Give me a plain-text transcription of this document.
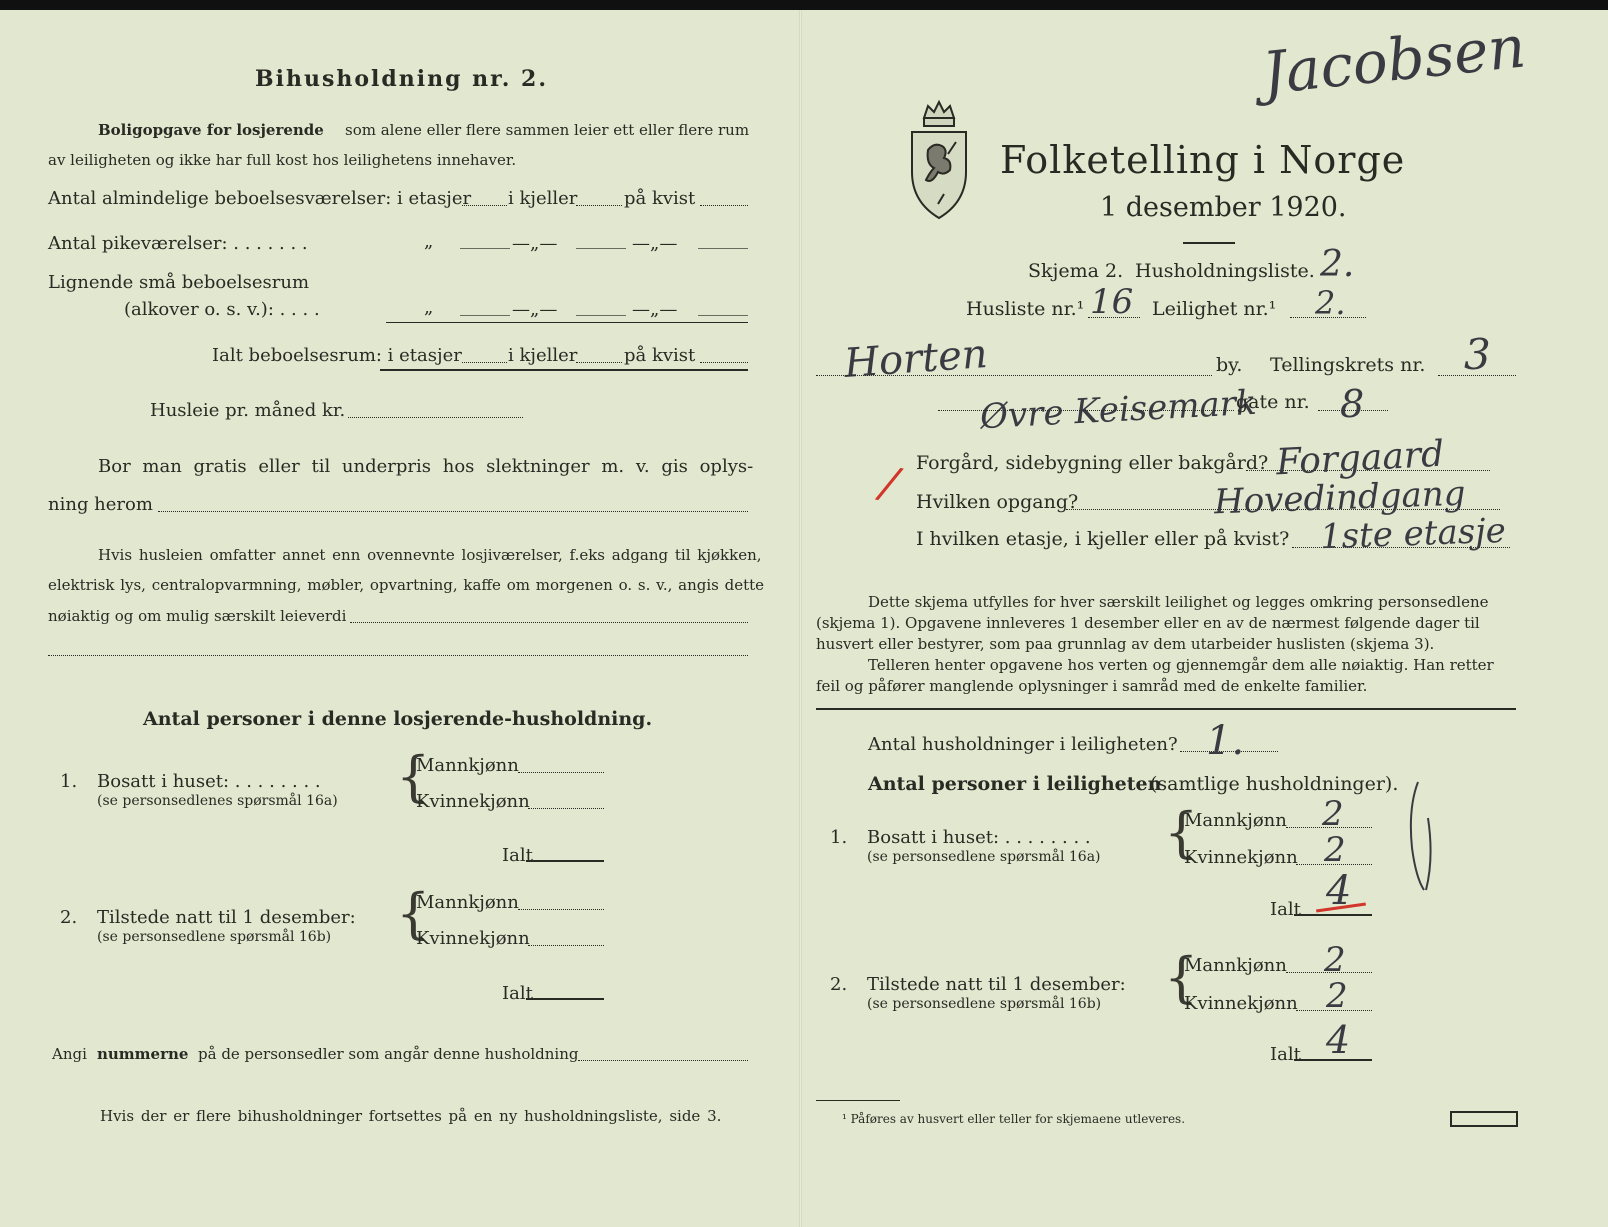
Bihusholdning nr. 2.
Boligopgave for losjerende som alene eller flere sammen leier ett eller flere rum
av leiligheten og ikke har full kost hos leilighetens innehaver.
Antal almindelige beboelsesværelser: i etasjer i kjeller	på kvist
Antal pikeværelser: . . . . . . .	„	—„—	—„—
Lignende små beboelsesrum
(alkover o. s. v.): . . . .	„	—„—	—„—
Ialt beboelsesrum: i etasjer	i kjeller	på kvist
Husleie pr. måned kr.
Bor man gratis eller til underpris hos slektninger m. v. gis oplys-
ning herom
Hvis husleien omfatter annet enn ovennevnte losjiværelser, f.eks adgang til kjøkken,
elektrisk lys, centralopvarmning, møbler, opvartning, kaffe om morgenen o. s. v., angis dette
nøiaktig og om mulig særskilt leieverdi
Antal personer i denne losjerende-husholdning.
1. Bosatt i huset: . . . . . . . .
(se personsedlenes spørsmål 16a) {
Mannkjønn
Kvinnekjønn
Ialt
2. Tilstede natt til 1 desember:
(se personsedlene spørsmål 16b) {
Mannkjønn
Kvinnekjønn
Ialt
Angi nummerne på de personsedler som angår denne husholdning
Hvis der er flere bihusholdninger fortsettes på en ny husholdningsliste, side 3.
Jacobsen
Folketelling i Norge
1 desember 1920.
Skjema 2. Husholdningsliste. 2.
Husliste nr.¹ 16 Leilighet nr.¹ 2.
Horten	by. Tellingskrets nr. 3
Øvre Keisemark
gate nr. 8
/ Forgård, sidebygning eller bakgård? Forgaard
Hvilken opgang?	Hovedindgang
I hvilken etasje, i kjeller eller på kvist? 1ste etasje
Dette skjema utfylles for hver særskilt leilighet og legges omkring personsedlene
(skjema 1). Opgavene innleveres 1 desember eller en av de nærmest følgende dager til
husvert eller bestyrer, som paa grunnlag av dem utarbeider huslisten (skjema 3).
Telleren henter opgavene hos verten og gjennemgår dem alle nøiaktig. Han retter
feil og påfører manglende oplysninger i samråd med de enkelte familier.
Antal husholdninger i leiligheten? 1.
Antal personer i leiligheten
(samtlige husholdninger).
1. Bosatt i huset: . . . . . . . .
(se personsedlene spørsmål 16a) {
Mannkjønn 2
Kvinnekjønn 2
Ialt 4
2. Tilstede natt til 1 desember:
(se personsedlene spørsmål 16b) {
Mannkjønn 2
Kvinnekjønn 2
Ialt 4
¹ Påføres av husvert eller teller for skjemaene utleveres.
